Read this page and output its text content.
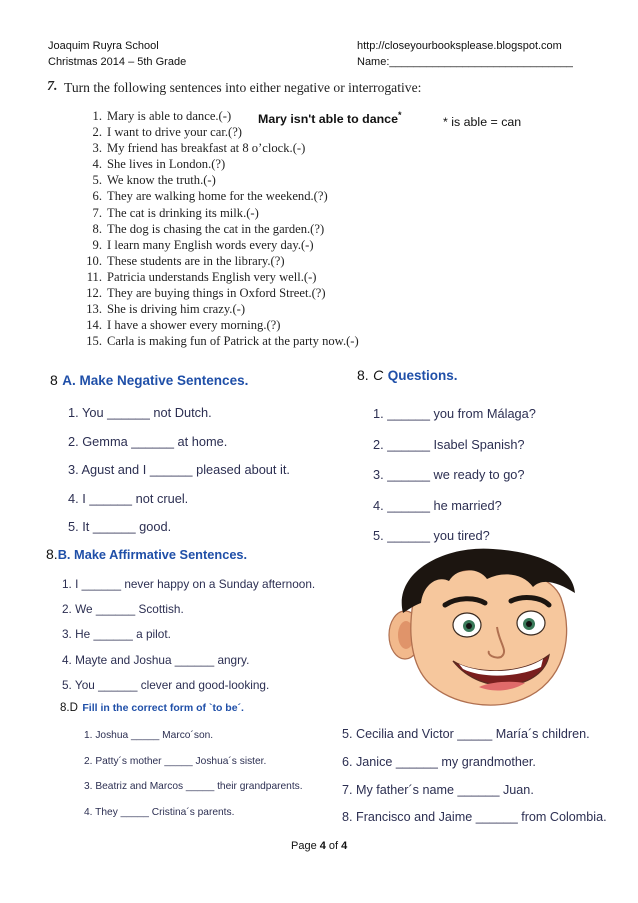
Joaquim Ruyra School
Christmas 2014 – 5th Grade
http://closeyourbooksplease.blogspot.com
Name:______________________________
7. Turn the following sentences into either negative or interrogative:
1. Mary is able to dance.(-)
2. I want to drive your car.(?)
3. My friend has breakfast at 8 o’clock.(-)
4. She lives in London.(?)
5. We know the truth.(-)
6. They are walking home for the weekend.(?)
7. The cat is drinking its milk.(-)
8. The dog is chasing the cat in the garden.(?)
9. I learn many English words every day.(-)
10. These students are in the library.(?)
11. Patricia understands English very well.(-)
12. They are buying things in Oxford Street.(?)
13. She is driving him crazy.(-)
14. I have a shower every morning.(?)
15. Carla is making fun of Patrick at the party now.(-)
Mary isn't able to dance*	* is able = can
8 A. Make Negative Sentences.
1. You ______ not Dutch.
2. Gemma ______ at home.
3. Agust and I ______ pleased about it.
4. I ______ not cruel.
5. It ______ good.
8. C Questions.
1. ______ you from Málaga?
2. ______ Isabel Spanish?
3. ______ we ready to go?
4. ______ he married?
5. ______ you tired?
8.B. Make Affirmative Sentences.
1. I ______ never happy on a Sunday afternoon.
2. We ______ Scottish.
3. He ______ a pilot.
4. Mayte and Joshua ______ angry.
5. You ______ clever and good-looking.
8.D Fill in the correct form of `to be´.
1. Joshua _____ Marco´son.
2. Patty´s mother _____ Joshua´s sister.
3. Beatriz and Marcos _____ their grandparents.
4. They _____ Cristina´s parents.
5. Cecilia and Victor _____ María´s children.
6. Janice ______ my grandmother.
7. My father´s name ______ Juan.
8. Francisco and Jaime ______ from Colombia.
Page 4 of 4
